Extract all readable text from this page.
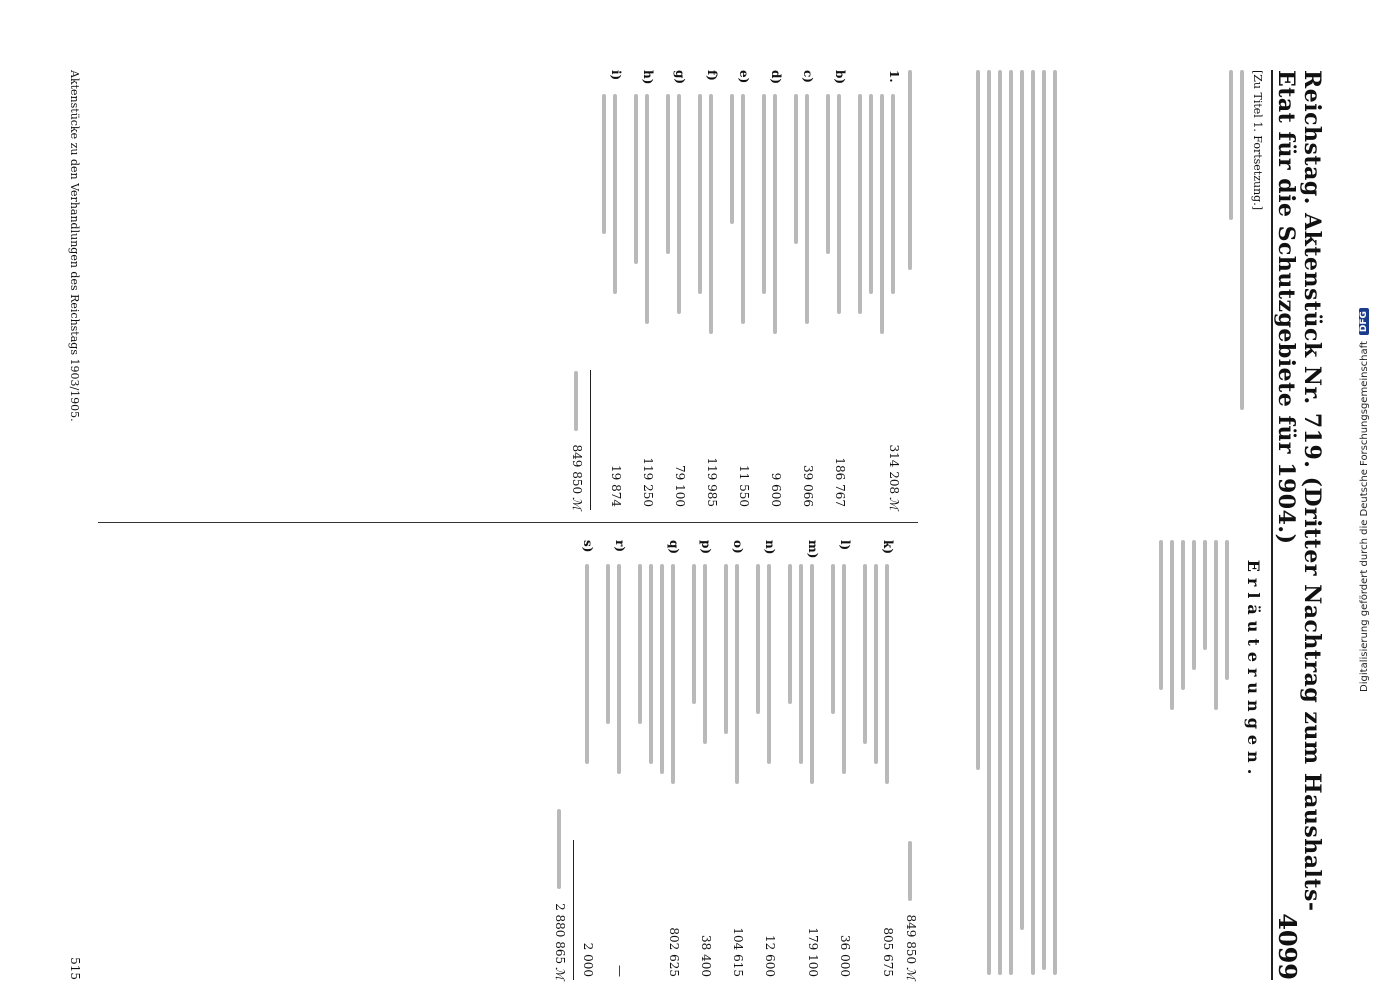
Reichstag. Aktenstück Nr. 719. (Dritter Nachtrag zum Haushalts-Etat für die Schutzgebiete für 1904.)
4099
[Zu Titel 1. Fortsetzung.]
Erläuterungen.
1.
314 208ℳ
b)
186 767
c)
39 066
d)
9 600
e)
11 550
f)
119 985
g)
79 100
h)
119 250
i)
19 874
849 850
ℳ
849 850
ℳ
k)
805 675
l)
36 000
m)
179 100
n)
12 600
o)
104 615
p)
38 400
q)
802 625
r)
—
s)
2 000
2 880 865
ℳ
Aktenstücke zu den Verhandlungen des Reichstags 1903/1905.
515
Digitalisierung gefördert durch die Deutsche Forschungsgemeinschaft
DFG
